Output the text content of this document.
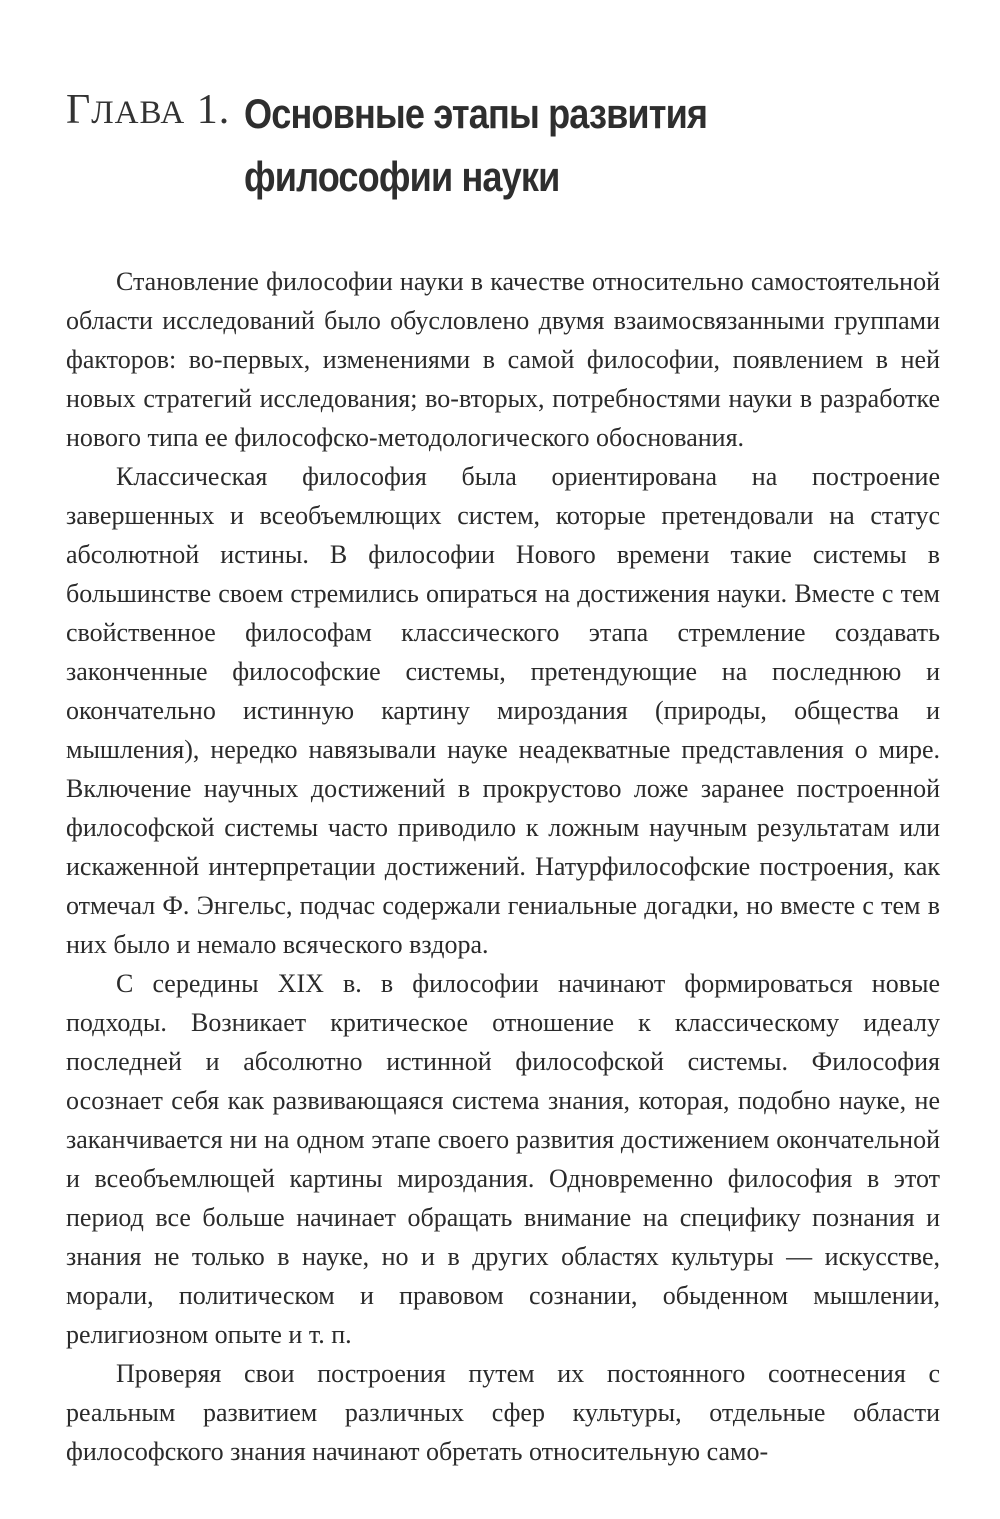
ГЛАВА 1. Основные этапы развития
философии науки

Становление философии науки в качестве относительно самостоятельной области исследований было обусловлено двумя взаимосвязанными группами факторов: во-первых, изменениями в самой философии, появлением в ней новых стратегий исследования; во-вторых, потребностями науки в разработке нового типа ее философско-методологического обоснования.

Классическая философия была ориентирована на построение завершенных и всеобъемлющих систем, которые претендовали на статус абсолютной истины. В философии Нового времени такие системы в большинстве своем стремились опираться на достижения науки. Вместе с тем свойственное философам классического этапа стремление создавать законченные философские системы, претендующие на последнюю и окончательно истинную картину мироздания (природы, общества и мышления), нередко навязывали науке неадекватные представления о мире. Включение научных достижений в прокрустово ложе заранее построенной философской системы часто приводило к ложным научным результатам или искаженной интерпретации достижений. Натурфилософские построения, как отмечал Ф. Энгельс, подчас содержали гениальные догадки, но вместе с тем в них было и немало всяческого вздора.

С середины XIX в. в философии начинают формироваться новые подходы. Возникает критическое отношение к классическому идеалу последней и абсолютно истинной философской системы. Философия осознает себя как развивающаяся система знания, которая, подобно науке, не заканчивается ни на одном этапе своего развития достижением окончательной и всеобъемлющей картины мироздания. Одновременно философия в этот период все больше начинает обращать внимание на специфику познания и знания не только в науке, но и в других областях культуры — искусстве, морали, политическом и правовом сознании, обыденном мышлении, религиозном опыте и т. п.

Проверяя свои построения путем их постоянного соотнесения с реальным развитием различных сфер культуры, отдельные области философского знания начинают обретать относительную само-
